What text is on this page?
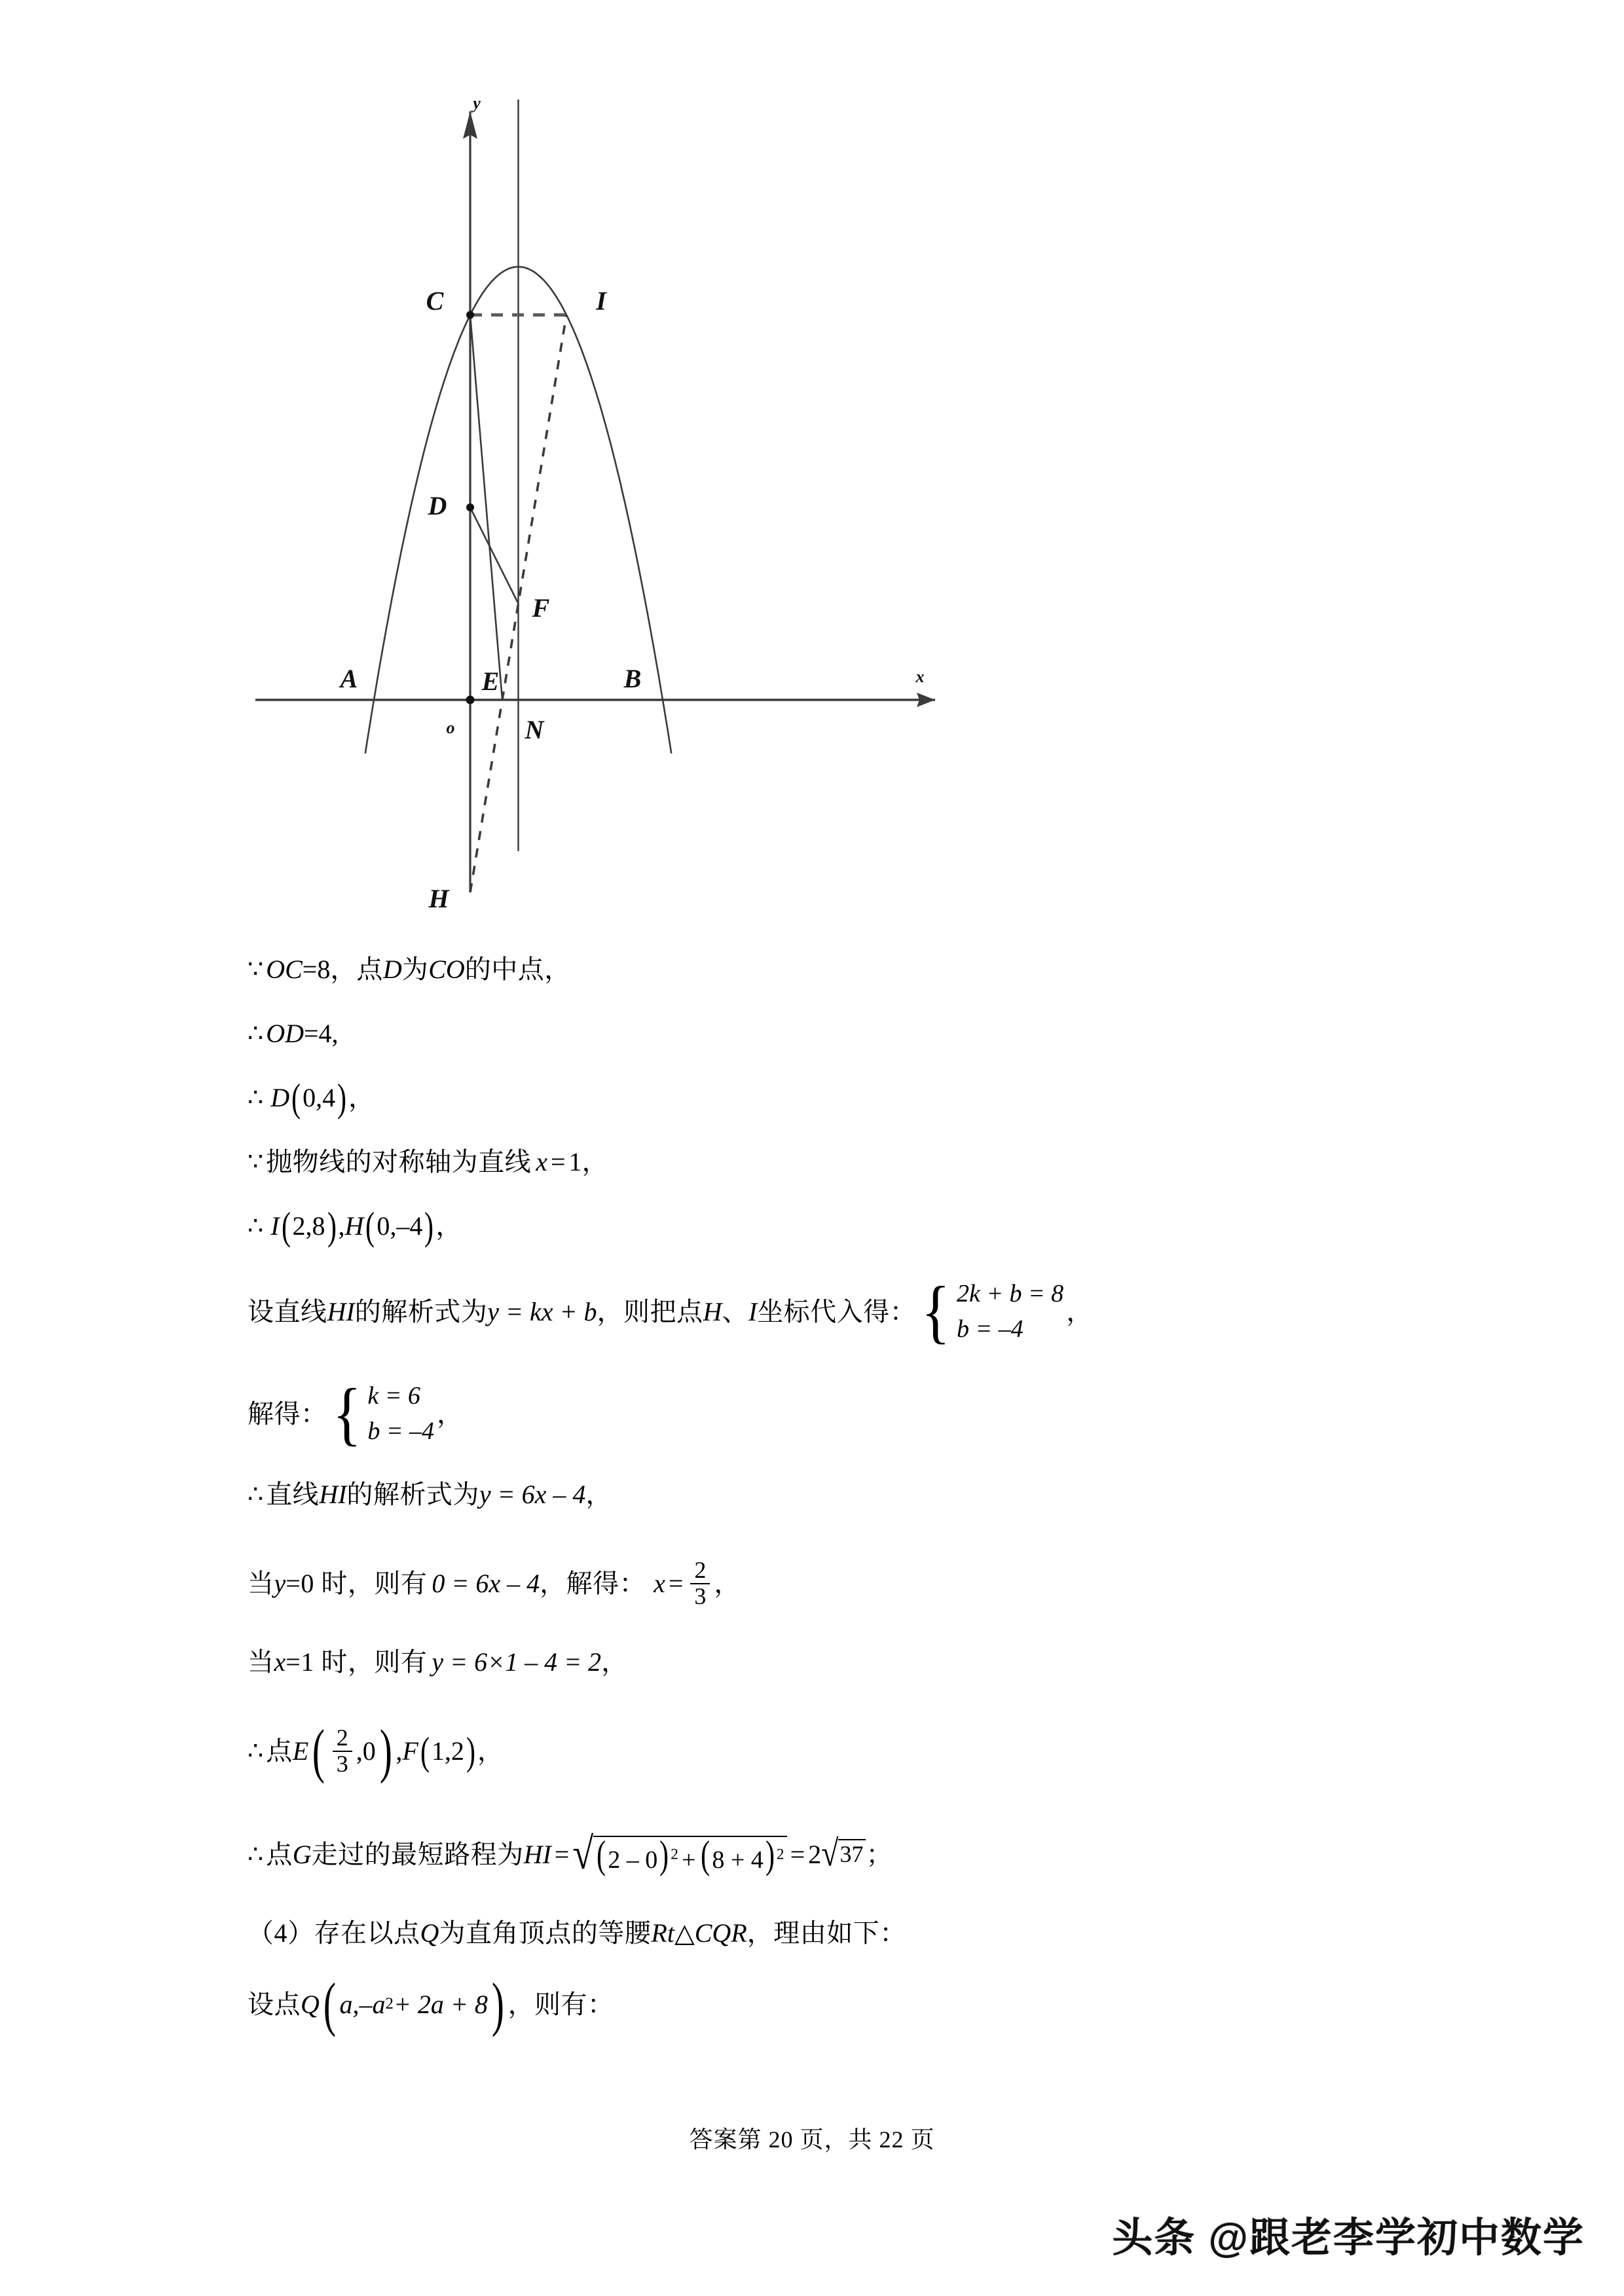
C	I
D
F
A	B
E
N
H
o
x
y
∵ OC =8， 点 D 为 CO 的中点，
∴ OD =4,
∴ D ( 0,4 ) ，
∵ 抛物线的对称轴为直线 x = 1 ，
∴ I ( 2,8 ) , H ( 0,–4 ) ，
设直线 HI 的解析式为 y = kx + b ，则把点 H 、 I 坐标代入得： { 2k + b = 8
b = –4
，
解得： { k = 6
b = –4
，
∴ 直线 HI 的解析式为 y = 6x – 4 ，
当 y =0 时，则有 0 = 6x – 4 ，解得： $x = \frac{2}{3}$ ，
当 x =1 时，则有 y = 6×1 – 4 = 2 ，
∴ 点 E ( $\frac{2}{3} ,0$ ) , F ( 1,2 ) ，
∴ 点 G 走过的最短路程为 HI = √ (2 – 0) $^2$ + (8 + 4) $^2$ = 2 √ 37 ；
（4） 存在以点 Q 为直角顶点的等腰 Rt △ CQR ，理由如下：
设点 Q ( a , –a 2 + 2a + 8 ) ，则有：
答案第 20 页，共 22 页
头条 @跟老李学初中数学
